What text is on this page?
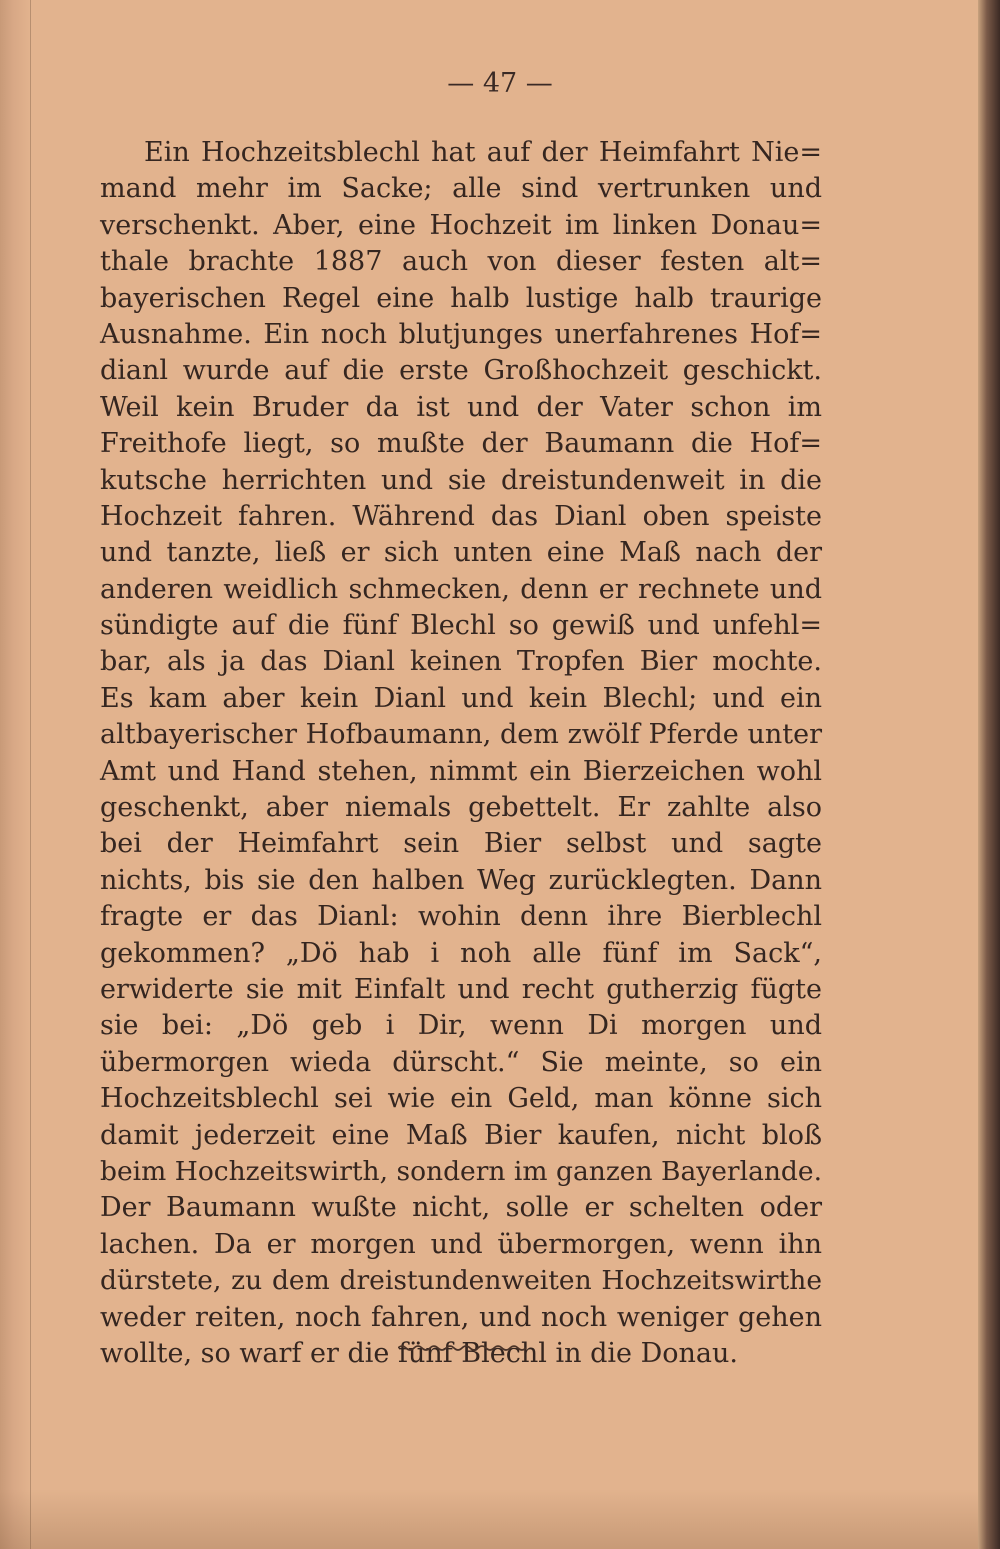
— 47 —
Ein Hochzeitsblechl hat auf der Heimfahrt Nie=
mand mehr im Sacke; alle sind vertrunken und
verschenkt. Aber, eine Hochzeit im linken Donau=
thale brachte 1887 auch von dieser festen alt=
bayerischen Regel eine halb lustige halb traurige
Ausnahme. Ein noch blutjunges unerfahrenes Hof=
dianl wurde auf die erste Großhochzeit geschickt.
Weil kein Bruder da ist und der Vater schon im
Freithofe liegt, so mußte der Baumann die Hof=
kutsche herrichten und sie dreistundenweit in die
Hochzeit fahren. Während das Dianl oben speiste
und tanzte, ließ er sich unten eine Maß nach der
anderen weidlich schmecken, denn er rechnete und
sündigte auf die fünf Blechl so gewiß und unfehl=
bar, als ja das Dianl keinen Tropfen Bier mochte.
Es kam aber kein Dianl und kein Blechl; und ein
altbayerischer Hofbaumann, dem zwölf Pferde unter
Amt und Hand stehen, nimmt ein Bierzeichen wohl
geschenkt, aber niemals gebettelt. Er zahlte also
bei der Heimfahrt sein Bier selbst und sagte
nichts, bis sie den halben Weg zurücklegten. Dann
fragte er das Dianl: wohin denn ihre Bierblechl
gekommen? „Dö hab i noh alle fünf im Sack“,
erwiderte sie mit Einfalt und recht gutherzig fügte
sie bei: „Dö geb i Dir, wenn Di morgen und
übermorgen wieda dürscht.“ Sie meinte, so ein
Hochzeitsblechl sei wie ein Geld, man könne sich
damit jederzeit eine Maß Bier kaufen, nicht bloß
beim Hochzeitswirth, sondern im ganzen Bayerlande.
Der Baumann wußte nicht, solle er schelten oder
lachen. Da er morgen und übermorgen, wenn ihn
dürstete, zu dem dreistundenweiten Hochzeitswirthe
weder reiten, noch fahren, und noch weniger gehen
wollte, so warf er die fünf Blechl in die Donau.
